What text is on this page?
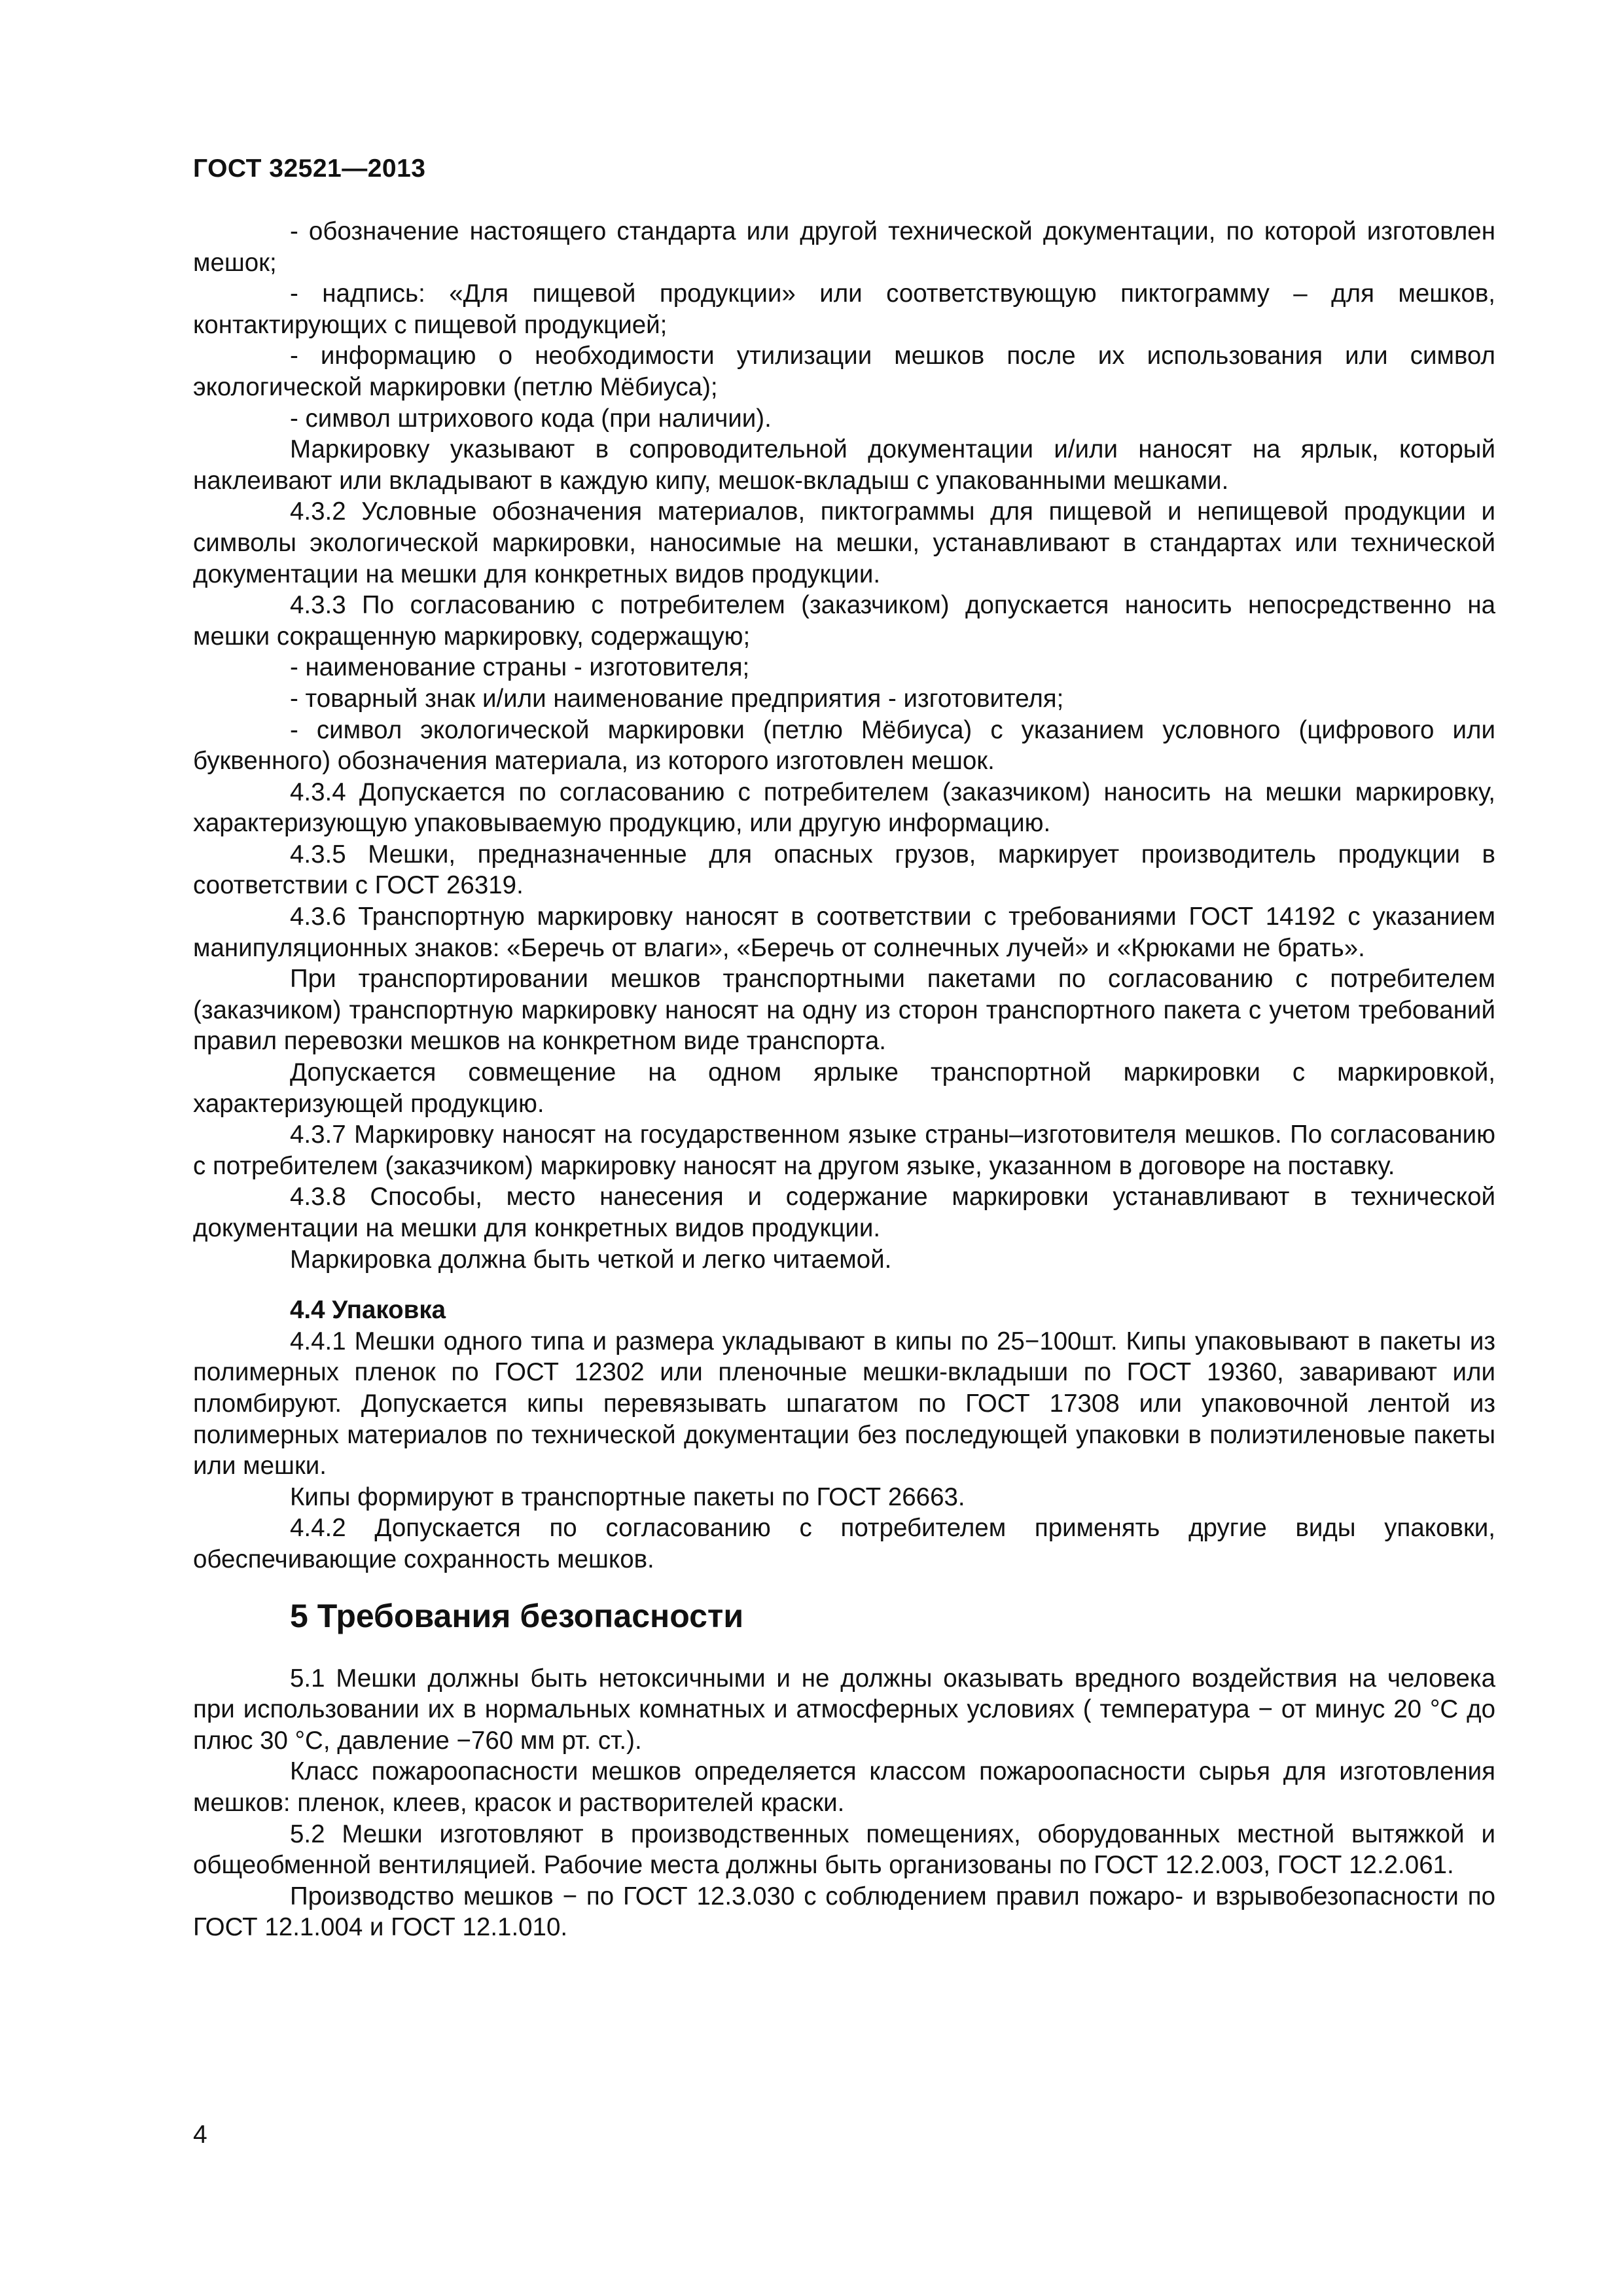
ГОСТ 32521—2013

- обозначение настоящего стандарта или другой технической документации, по которой изготовлен мешок;

- надпись: «Для пищевой продукции» или соответствующую пиктограмму – для мешков, контактирующих с пищевой продукцией;

- информацию о необходимости утилизации мешков после их использования или символ экологической маркировки (петлю Мёбиуса);

- символ штрихового кода (при наличии).

Маркировку указывают в сопроводительной документации и/или наносят на ярлык, который наклеивают или вкладывают в каждую кипу, мешок-вкладыш с упакованными мешками.

4.3.2 Условные обозначения материалов, пиктограммы для пищевой и непищевой продукции и символы экологической маркировки, наносимые на мешки, устанавливают в стандартах или технической документации на мешки для конкретных видов продукции.

4.3.3 По согласованию с потребителем (заказчиком) допускается наносить непосредственно на мешки сокращенную маркировку, содержащую;

- наименование страны - изготовителя;

- товарный знак и/или наименование предприятия - изготовителя;

- символ экологической маркировки (петлю Мёбиуса) с указанием условного (цифрового или буквенного) обозначения материала, из которого изготовлен мешок.

4.3.4 Допускается по согласованию с потребителем (заказчиком) наносить на мешки маркировку, характеризующую упаковываемую продукцию, или другую информацию.

4.3.5 Мешки, предназначенные для опасных грузов, маркирует производитель продукции в соответствии с ГОСТ 26319.

4.3.6 Транспортную маркировку наносят в соответствии с требованиями ГОСТ 14192 с указанием манипуляционных знаков: «Беречь от влаги», «Беречь от солнечных лучей» и «Крюками не брать».

При транспортировании мешков транспортными пакетами по согласованию с потребителем (заказчиком) транспортную маркировку наносят на одну из сторон транспортного пакета с учетом требований правил перевозки мешков на конкретном виде транспорта.

Допускается совмещение на одном ярлыке транспортной маркировки с маркировкой, характеризующей продукцию.

4.3.7 Маркировку наносят на государственном языке страны–изготовителя мешков. По согласованию с потребителем (заказчиком) маркировку наносят на другом языке, указанном в договоре на поставку.

4.3.8 Способы, место нанесения и содержание маркировки устанавливают в технической документации на мешки для конкретных видов продукции.

Маркировка должна быть четкой и легко читаемой.

4.4 Упаковка

4.4.1 Мешки одного типа и размера укладывают в кипы по 25−100шт. Кипы упаковывают в пакеты из полимерных пленок по ГОСТ 12302 или пленочные мешки-вкладыши по ГОСТ 19360, заваривают или пломбируют. Допускается кипы перевязывать шпагатом по ГОСТ 17308 или упаковочной лентой из полимерных материалов по технической документации без последующей упаковки в полиэтиленовые пакеты или мешки.

Кипы формируют в транспортные пакеты по ГОСТ 26663.

4.4.2 Допускается по согласованию с потребителем применять другие виды упаковки, обеспечивающие сохранность мешков.

5 Требования безопасности

5.1 Мешки должны быть нетоксичными и не должны оказывать вредного воздействия на человека при использовании их в нормальных комнатных и атмосферных условиях ( температура − от минус 20 °С до плюс 30 °С, давление −760 мм рт. ст.).

Класс пожароопасности мешков определяется классом пожароопасности сырья для изготовления мешков: пленок, клеев, красок и растворителей краски.

5.2 Мешки изготовляют в производственных помещениях, оборудованных местной вытяжкой и общеобменной вентиляцией. Рабочие места должны быть организованы по ГОСТ 12.2.003, ГОСТ 12.2.061.

Производство мешков − по ГОСТ 12.3.030 с соблюдением правил пожаро- и взрывобезопасности по ГОСТ 12.1.004 и ГОСТ 12.1.010.

4
